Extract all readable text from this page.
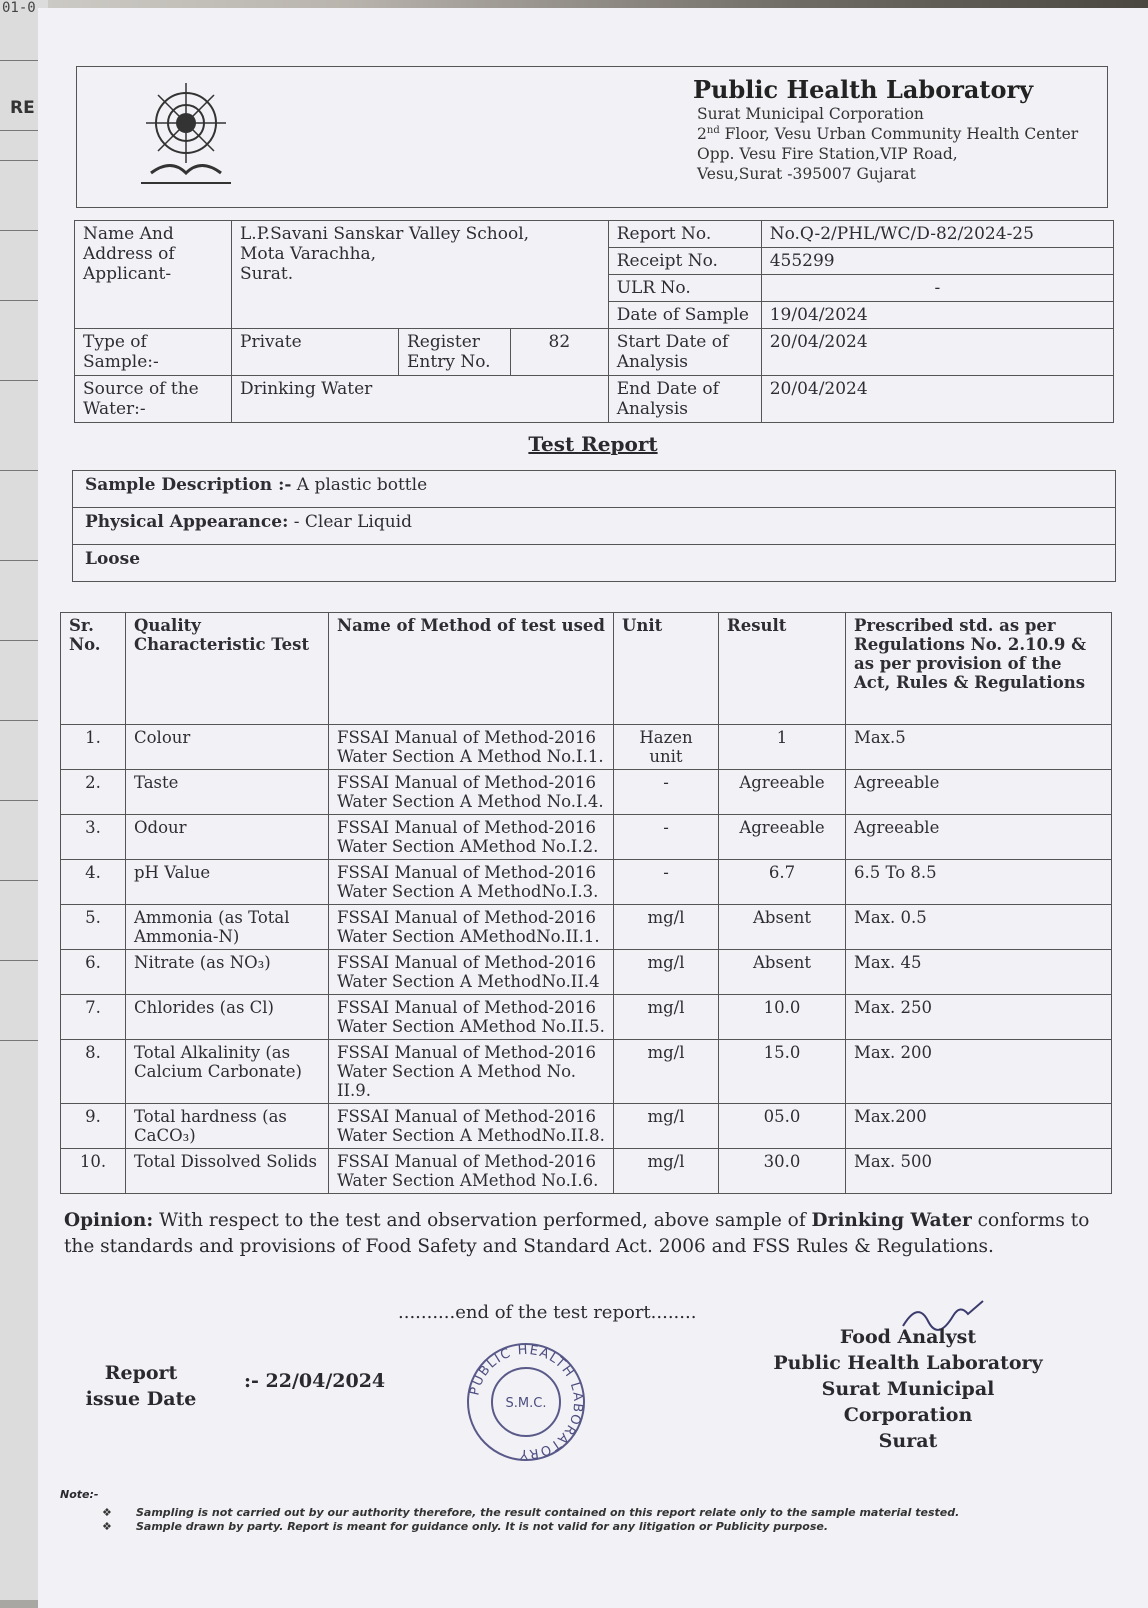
01-0
RE
Public Health Laboratory
Surat Municipal Corporation
2nd Floor, Vesu Urban Community Health Center
Opp. Vesu Fire Station,VIP Road,
Vesu,Surat -395007 Gujarat
Name And Address of Applicant-	L.P.Savani Sanskar Valley School,
Mota Varachha,
Surat.			Report No.	No.Q-2/PHL/WC/D-82/2024-25
				Receipt No.	455299
				ULR No.	-
				Date of Sample	19/04/2024
Type of Sample:-	Private	Register Entry No.	82	Start Date of Analysis	20/04/2024
Source of the Water:-	Drinking Water			End Date of Analysis	20/04/2024
Test Report
Sample Description :- A plastic bottle
Physical Appearance: - Clear Liquid
Loose
Sr. No.	Quality Characteristic Test	Name of Method of test used	Unit	Result	Prescribed std. as per Regulations No. 2.10.9 & as per provision of the Act, Rules & Regulations
1.	Colour	FSSAI Manual of Method-2016
Water Section A Method No.I.1.	Hazen unit	1	Max.5
2.	Taste	FSSAI Manual of Method-2016
Water Section A Method No.I.4.	-	Agreeable	Agreeable
3.	Odour	FSSAI Manual of Method-2016
Water Section AMethod No.I.2.	-	Agreeable	Agreeable
4.	pH Value	FSSAI Manual of Method-2016
Water Section A MethodNo.I.3.	-	6.7	6.5 To 8.5
5.	Ammonia (as Total Ammonia-N)	FSSAI Manual of Method-2016
Water Section AMethodNo.II.1.	mg/l	Absent	Max. 0.5
6.	Nitrate (as NO₃)	FSSAI Manual of Method-2016
Water Section A MethodNo.II.4	mg/l	Absent	Max. 45
7.	Chlorides (as Cl)	FSSAI Manual of Method-2016
Water Section AMethod No.II.5.	mg/l	10.0	Max. 250
8.	Total Alkalinity (as Calcium Carbonate)	FSSAI Manual of Method-2016
Water Section A Method No. II.9.	mg/l	15.0	Max. 200
9.	Total hardness (as CaCO₃)	FSSAI Manual of Method-2016
Water Section A MethodNo.II.8.	mg/l	05.0	Max.200
10.	Total Dissolved Solids	FSSAI Manual of Method-2016
Water Section AMethod No.I.6.	mg/l	30.0	Max. 500
Opinion: With respect to the test and observation performed, above sample of Drinking Water conforms to the standards and provisions of Food Safety and Standard Act. 2006 and FSS Rules & Regulations.
..........end of the test report........
Report issue Date
:- 22/04/2024	PUBLIC HEALTH LABORATORY
S.M.C.
Food Analyst
Public Health Laboratory
Surat Municipal Corporation
Surat
Note:-
❖ Sampling is not carried out by our authority therefore, the result contained on this report relate only to the sample material tested.
❖ Sample drawn by party. Report is meant for guidance only. It is not valid for any litigation or Publicity purpose.
